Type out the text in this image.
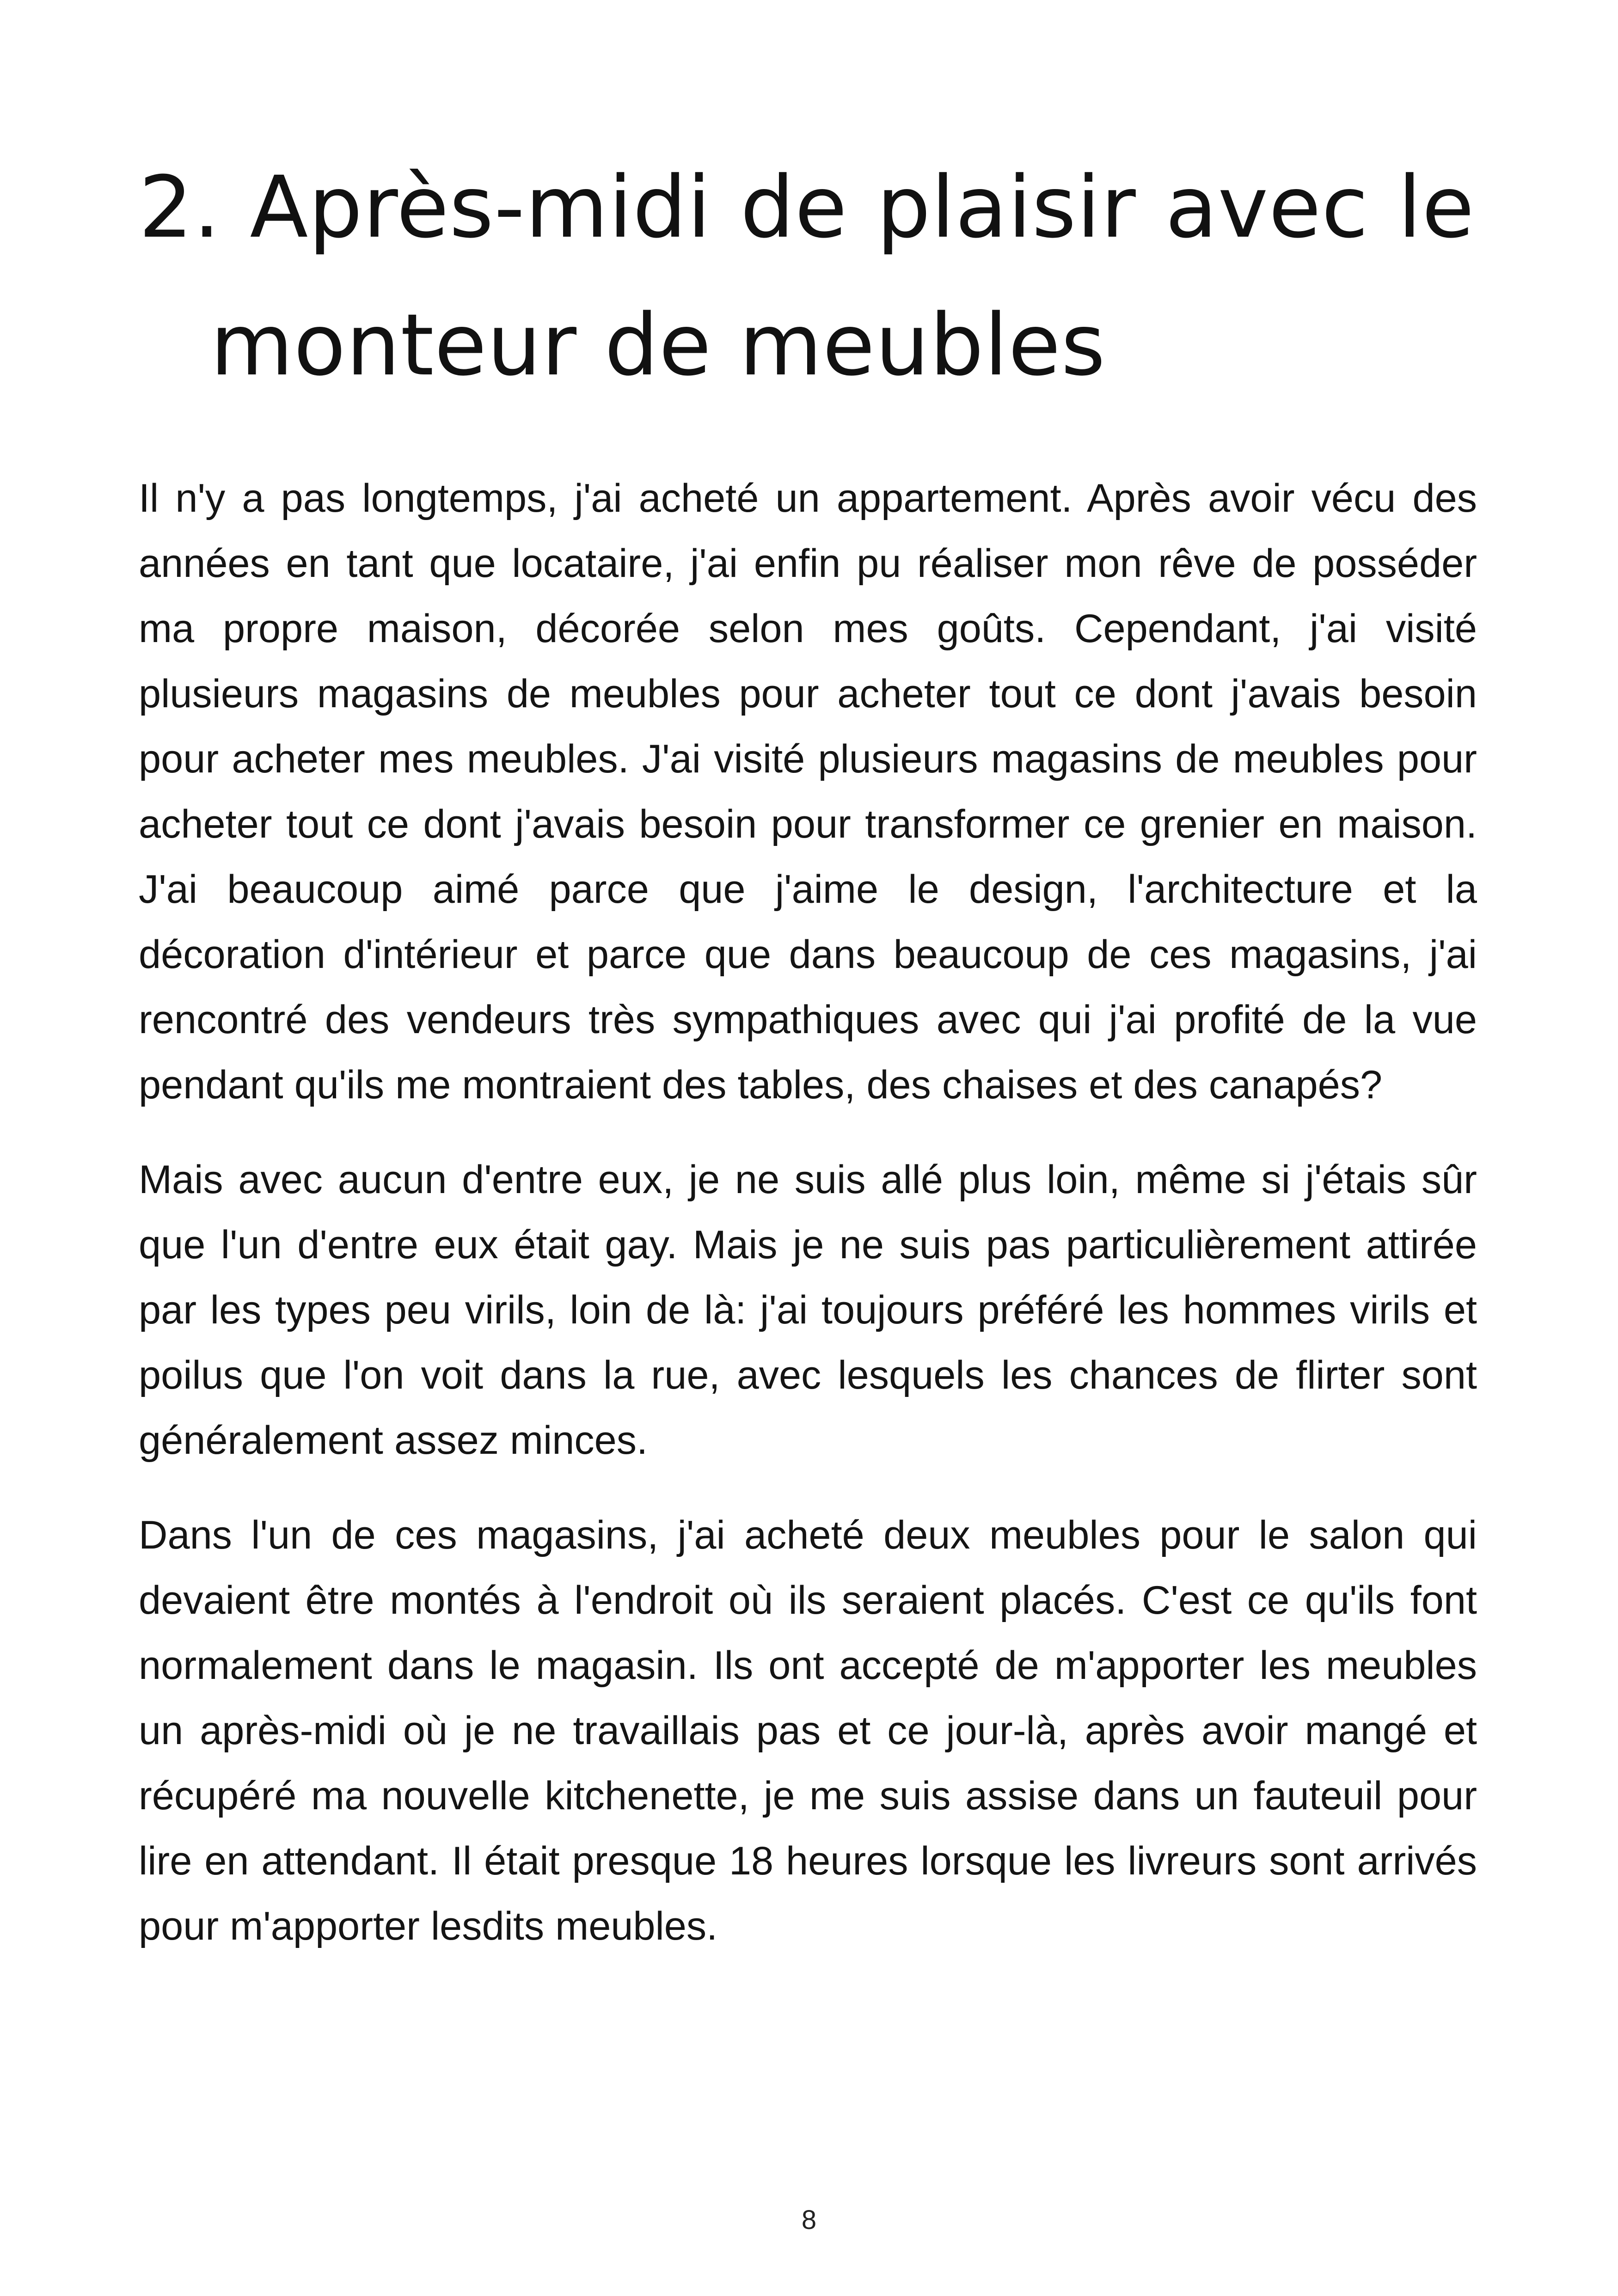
2. Après-midi de plaisir avec le
monteur de meubles

Il n'y a pas longtemps, j'ai acheté un appartement. Après avoir vécu des années en tant que locataire, j'ai enfin pu réaliser mon rêve de posséder ma propre maison, décorée selon mes goûts. Cependant, j'ai visité plusieurs magasins de meubles pour acheter tout ce dont j'avais besoin pour acheter mes meubles. J'ai visité plusieurs magasins de meubles pour acheter tout ce dont j'avais besoin pour transformer ce grenier en maison. J'ai beaucoup aimé parce que j'aime le design, l'architecture et la décoration d'intérieur et parce que dans beaucoup de ces magasins, j'ai rencontré des vendeurs très sympathiques avec qui j'ai profité de la vue pendant qu'ils me montraient des tables, des chaises et des canapés?

Mais avec aucun d'entre eux, je ne suis allé plus loin, même si j'étais sûr que l'un d'entre eux était gay. Mais je ne suis pas particulièrement attirée par les types peu virils, loin de là: j'ai toujours préféré les hommes virils et poilus que l'on voit dans la rue, avec lesquels les chances de flirter sont généralement assez minces.

Dans l'un de ces magasins, j'ai acheté deux meubles pour le salon qui devaient être montés à l'endroit où ils seraient placés. C'est ce qu'ils font normalement dans le magasin. Ils ont accepté de m'apporter les meubles un après-midi où je ne travaillais pas et ce jour-là, après avoir mangé et récupéré ma nouvelle kitchenette, je me suis assise dans un fauteuil pour lire en attendant. Il était presque 18 heures lorsque les livreurs sont arrivés pour m'apporter lesdits meubles.

8
